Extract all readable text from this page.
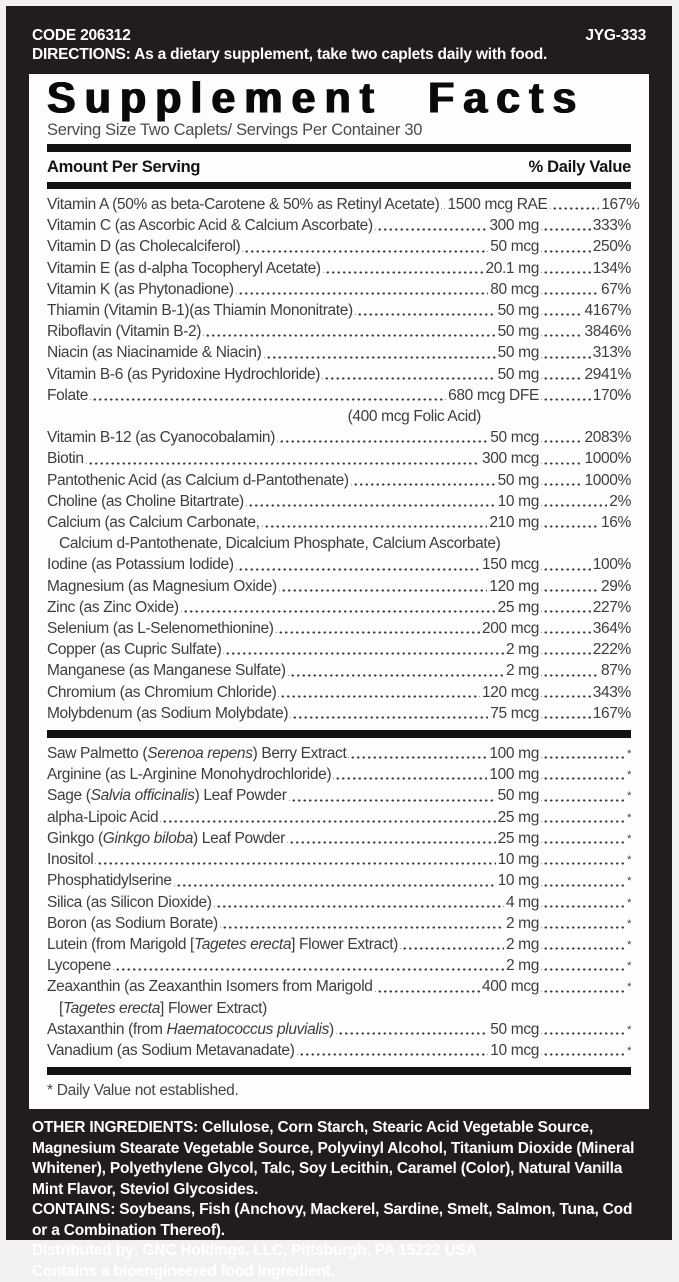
CODE 206312	JYG-333
DIRECTIONS: As a dietary supplement, take two caplets daily with food.
Supplement Facts
Serving Size Two Caplets/ Servings Per Container 30
Amount Per Serving	% Daily Value
Vitamin A (50% as beta-Carotene & 50% as Retinyl Acetate) 1500 mcg RAE	167%
Vitamin C (as Ascorbic Acid & Calcium Ascorbate)	300 mg	333%
Vitamin D (as Cholecalciferol)	50 mcg	250%
Vitamin E (as d-alpha Tocopheryl Acetate)	20.1 mg	134%
Vitamin K (as Phytonadione)	80 mcg	67%
Thiamin (Vitamin B-1)(as Thiamin Mononitrate)	50 mg	4167%
Riboflavin (Vitamin B-2)	50 mg	3846%
Niacin (as Niacinamide & Niacin)	50 mg	313%
Vitamin B-6 (as Pyridoxine Hydrochloride)	50 mg	2941%
Folate	680 mcg DFE	170%
(400 mcg Folic Acid)
Vitamin B-12 (as Cyanocobalamin)	50 mcg	2083%
Biotin	300 mcg	1000%
Pantothenic Acid (as Calcium d-Pantothenate)	50 mg	1000%
Choline (as Choline Bitartrate)	10 mg	2%
Calcium (as Calcium Carbonate,	210 mg	16%
Calcium d-Pantothenate, Dicalcium Phosphate, Calcium Ascorbate)
Iodine (as Potassium Iodide)	150 mcg	100%
Magnesium (as Magnesium Oxide)	120 mg	29%
Zinc (as Zinc Oxide)	25 mg	227%
Selenium (as L-Selenomethionine)	200 mcg	364%
Copper (as Cupric Sulfate)	2 mg	222%
Manganese (as Manganese Sulfate)	2 mg	87%
Chromium (as Chromium Chloride)	120 mcg	343%
Molybdenum (as Sodium Molybdate)	75 mcg	167%
Saw Palmetto (Serenoa repens) Berry Extract	100 mg	*
Arginine (as L-Arginine Monohydrochloride)	100 mg	*
Sage (Salvia officinalis) Leaf Powder	50 mg	*
alpha-Lipoic Acid	25 mg	*
Ginkgo (Ginkgo biloba) Leaf Powder	25 mg	*
Inositol	10 mg	*
Phosphatidylserine	10 mg	*
Silica (as Silicon Dioxide)	4 mg	*
Boron (as Sodium Borate)	2 mg	*
Lutein (from Marigold [Tagetes erecta] Flower Extract)	2 mg	*
Lycopene	2 mg	*
Zeaxanthin (as Zeaxanthin Isomers from Marigold	400 mcg	*
[Tagetes erecta] Flower Extract)
Astaxanthin (from Haematococcus pluvialis)	50 mcg	*
Vanadium (as Sodium Metavanadate)	10 mcg	*
* Daily Value not established.

OTHER INGREDIENTS: Cellulose, Corn Starch, Stearic Acid Vegetable Source, Magnesium Stearate Vegetable Source, Polyvinyl Alcohol, Titanium Dioxide (Mineral Whitener), Polyethylene Glycol, Talc, Soy Lecithin, Caramel (Color), Natural Vanilla Mint Flavor, Steviol Glycosides.

CONTAINS: Soybeans, Fish (Anchovy, Mackerel, Sardine, Smelt, Salmon, Tuna, Cod or a Combination Thereof).

Distributed by: GNC Holdings, LLC, Pittsburgh, PA 15222 USA

Contains a bioengineered food ingredient.
